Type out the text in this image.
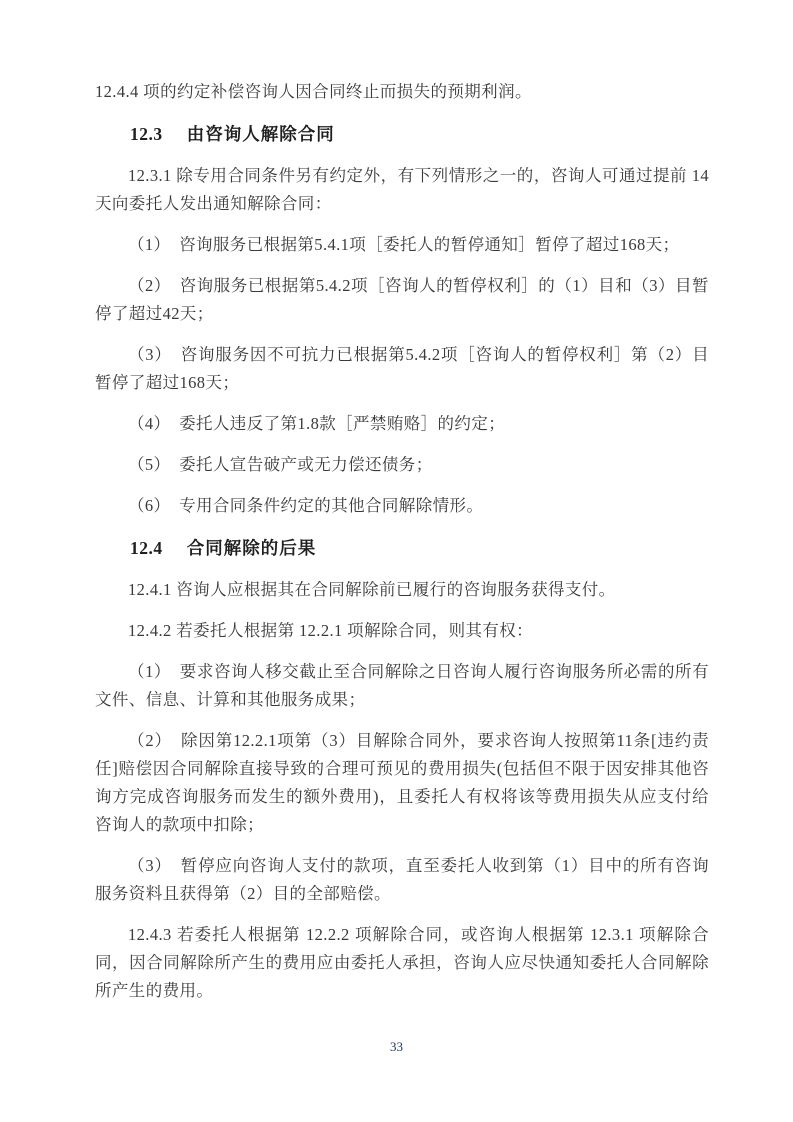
12.4.4 项的约定补偿咨询人因合同终止而损失的预期利润。

12.3 由咨询人解除合同

12.3.1 除专用合同条件另有约定外，有下列情形之一的，咨询人可通过提前 14 天向委托人发出通知解除合同：

（1）　咨询服务已根据第5.4.1项［委托人的暂停通知］暂停了超过168天；

（2）　咨询服务已根据第5.4.2项［咨询人的暂停权利］的（1）目和（3）目暂停了超过42天；

（3）　咨询服务因不可抗力已根据第5.4.2项［咨询人的暂停权利］第（2）目暂停了超过168天；

（4）　委托人违反了第1.8款［严禁贿赂］的约定；

（5）　委托人宣告破产或无力偿还债务；

（6）　专用合同条件约定的其他合同解除情形。

12.4 合同解除的后果

12.4.1 咨询人应根据其在合同解除前已履行的咨询服务获得支付。

12.4.2 若委托人根据第 12.2.1 项解除合同，则其有权：

（1）　要求咨询人移交截止至合同解除之日咨询人履行咨询服务所必需的所有文件、信息、计算和其他服务成果；

（2）　除因第12.2.1项第（3）目解除合同外，要求咨询人按照第11条[违约责任]赔偿因合同解除直接导致的合理可预见的费用损失(包括但不限于因安排其他咨询方完成咨询服务而发生的额外费用)，且委托人有权将该等费用损失从应支付给咨询人的款项中扣除；

（3）　暂停应向咨询人支付的款项，直至委托人收到第（1）目中的所有咨询服务资料且获得第（2）目的全部赔偿。

12.4.3 若委托人根据第 12.2.2 项解除合同，或咨询人根据第 12.3.1 项解除合同，因合同解除所产生的费用应由委托人承担，咨询人应尽快通知委托人合同解除所产生的费用。

33
